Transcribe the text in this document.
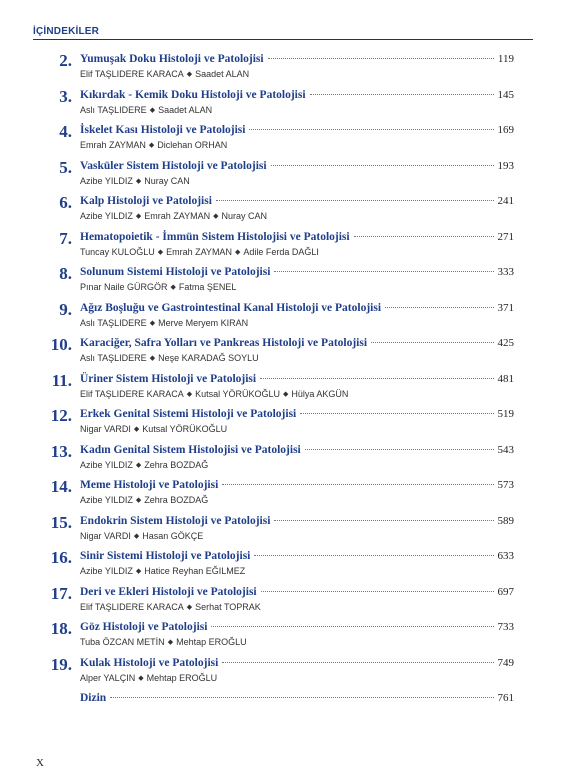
İÇİNDEKİLER
2. Yumuşak Doku Histoloji ve Patolojisi	119
Elif TAŞLIDERE KARACA ◆ Saadet ALAN
3. Kıkırdak - Kemik Doku Histoloji ve Patolojisi	145
Aslı TAŞLIDERE ◆ Saadet ALAN
4. İskelet Kası Histoloji ve Patolojisi	169
Emrah ZAYMAN ◆ Diclehan ORHAN
5. Vasküler Sistem Histoloji ve Patolojisi	193
Azibe YILDIZ ◆ Nuray CAN
6. Kalp Histoloji ve Patolojisi	241
Azibe YILDIZ ◆ Emrah ZAYMAN ◆ Nuray CAN
7. Hematopoietik - İmmün Sistem Histolojisi ve Patolojisi	271
Tuncay KULOĞLU ◆ Emrah ZAYMAN ◆ Adile Ferda DAĞLI
8. Solunum Sistemi Histoloji ve Patolojisi	333
Pınar Naile GÜRGÖR ◆ Fatma ŞENEL
9. Ağız Boşluğu ve Gastrointestinal Kanal Histoloji ve Patolojisi	371
Aslı TAŞLIDERE ◆ Merve Meryem KIRAN
10. Karaciğer, Safra Yolları ve Pankreas Histoloji ve Patolojisi	425
Aslı TAŞLIDERE ◆ Neşe KARADAĞ SOYLU
11. Üriner Sistem Histoloji ve Patolojisi	481
Elif TAŞLIDERE KARACA ◆ Kutsal YÖRÜKOĞLU ◆ Hülya AKGÜN
12. Erkek Genital Sistemi Histoloji ve Patolojisi	519
Nigar VARDI ◆ Kutsal YÖRÜKOĞLU
13. Kadın Genital Sistem Histolojisi ve Patolojisi	543
Azibe YILDIZ ◆ Zehra BOZDAĞ
14. Meme Histoloji ve Patolojisi	573
Azibe YILDIZ ◆ Zehra BOZDAĞ
15. Endokrin Sistem Histoloji ve Patolojisi	589
Nigar VARDI ◆ Hasan GÖKÇE
16. Sinir Sistemi Histoloji ve Patolojisi	633
Azibe YILDIZ ◆ Hatice Reyhan EĞILMEZ
17. Deri ve Ekleri Histoloji ve Patolojisi	697
Elif TAŞLIDERE KARACA ◆ Serhat TOPRAK
18. Göz Histoloji ve Patolojisi	733
Tuba ÖZCAN METİN ◆ Mehtap EROĞLU
19. Kulak Histoloji ve Patolojisi	749
Alper YALÇIN ◆ Mehtap EROĞLU
Dizin	761
X
